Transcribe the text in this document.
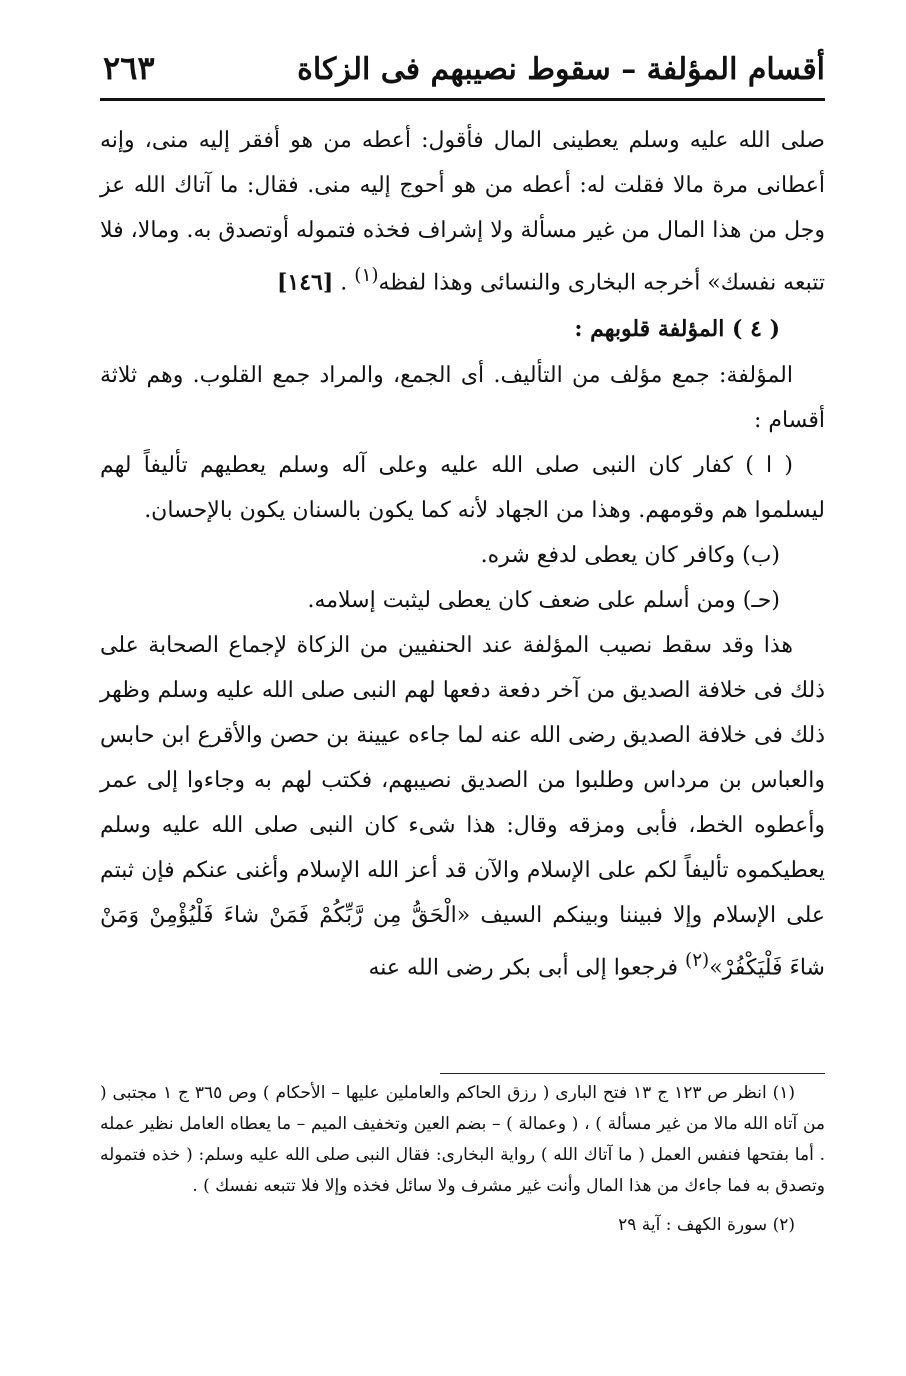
أقسام المؤلفة – سقوط نصيبهم فى الزكاة
٢٦٣

صلى الله عليه وسلم يعطينى المال فأقول: أعطه من هو أفقر إليه منى، وإنه أعطانى مرة مالا فقلت له: أعطه من هو أحوج إليه منى. فقال: ما آتاك الله عز وجل من هذا المال من غير مسألة ولا إشراف فخذه فتموله أوتصدق به. ومالا، فلا تتبعه نفسك» أخرجه البخارى والنسائى وهذا لفظه$^{(١)}$ . [١٤٦]

( ٤ ) المؤلفة قلوبهم :

المؤلفة: جمع مؤلف من التأليف. أى الجمع، والمراد جمع القلوب. وهم ثلاثة أقسام :

( ا ) كفار كان النبى صلى الله عليه وعلى آله وسلم يعطيهم تأليفاً لهم ليسلموا هم وقومهم. وهذا من الجهاد لأنه كما يكون بالسنان يكون بالإحسان.

(ب) وكافر كان يعطى لدفع شره.

(حـ) ومن أسلم على ضعف كان يعطى ليثبت إسلامه.

هذا وقد سقط نصيب المؤلفة عند الحنفيين من الزكاة لإجماع الصحابة على ذلك فى خلافة الصديق من آخر دفعة دفعها لهم النبى صلى الله عليه وسلم وظهر ذلك فى خلافة الصديق رضى الله عنه لما جاءه عيينة بن حصن والأقرع ابن حابس والعباس بن مرداس وطلبوا من الصديق نصيبهم، فكتب لهم به وجاءوا إلى عمر وأعطوه الخط، فأبى ومزقه وقال: هذا شىء كان النبى صلى الله عليه وسلم يعطيكموه تأليفاً لكم على الإسلام والآن قد أعز الله الإسلام وأغنى عنكم فإن ثبتم على الإسلام وإلا فبيننا وبينكم السيف «الْحَقُّ مِن رَّبِّكُمْ فَمَنْ شاءَ فَلْيُؤْمِنْ وَمَنْ شاءَ فَلْيَكْفُرْ»$^{(٢)}$ فرجعوا إلى أبى بكر رضى الله عنه

(١) انظر ص ١٢٣ ج ١٣ فتح البارى ( رزق الحاكم والعاملين عليها – الأحكام ) وص ٣٦٥ ج ١ مجتبى ( من آتاه الله مالا من غير مسألة ) ، ( وعمالة ) – بضم العين وتخفيف الميم – ما يعطاه العامل نظير عمله . أما بفتحها فنفس العمل ( ما آتاك الله ) رواية البخارى: فقال النبى صلى الله عليه وسلم: ( خذه فتموله وتصدق به فما جاءك من هذا المال وأنت غير مشرف ولا سائل فخذه وإلا فلا تتبعه نفسك ) .

(٢) سورة الكهف : آية ٢٩
